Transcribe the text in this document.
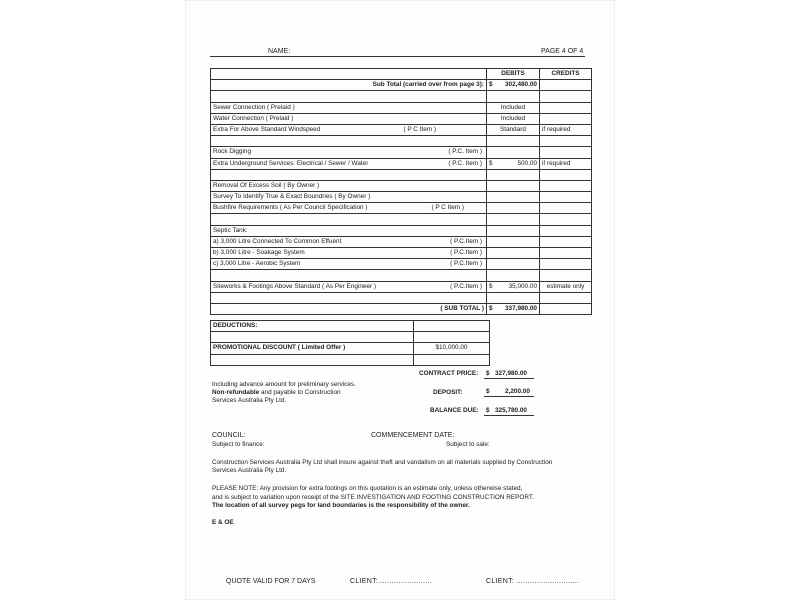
NAME:	PAGE 4 OF 4
	DEBITS	CREDITS
Sub Total (carried over from page 3):	$ 302,480.00	

Sewer Connection ( Prelaid )	Included	
Water Connection ( Prelaid )	Included	
Extra For Above Standard Windspeed ( P C Item )	Standard	if required

Rock Digging ( P.C. Item )		

Extra Underground Services: Electrical / Sewer / Water ( P.C. Item )	$ 500.00	if required

Removal Of Excess Soil ( By Owner )		
Survey To Identify True & Exact Boundries ( By Owner )		
Bushfire Requirements ( As Per Council Specification ) ( P C Item )		

Septic Tank:		
a) 3,000 Litre Connected To Common Effuent ( P.C.Item )		

b) 3,000 Litre - Soakage System ( P.C.Item )		

c) 3,000 Litre - Aerobic System ( P.C.Item )		

Siteworks & Footings Above Standard ( As Per Engineer ) ( P.C.Item )	$ 35,000.00	estimate only

( SUB TOTAL )	$ 337,980.00	

DEDUCTIONS:	

PROMOTIONAL DISCOUNT ( Limited Offer )	$10,000.00

CONTRACT PRICE: $ 327,980.00
DEPOSIT:	$ 2,200.00
BALANCE DUE: $ 325,780.00
Including advance amount for preliminary services.
Non-refundable and payable to Construction
Services Australia Pty Ltd.
COUNCIL:
Subject to finance:
COMMENCEMENT DATE:
Subject to sale:
Construction Services Australia Pty Ltd shall insure against theft and vandalism on all materials supplied by Construction
Services Australia Pty Ltd.
PLEASE NOTE: Any provision for extra footings on this quotation is an estimate only, unless otherwise stated,
and is subject to variation upon receipt of the SITE INVESTIGATION AND FOOTING CONSTRUCTION REPORT.
The location of all survey pegs for land boundaries is the responsibility of the owner.
E & OE
QUOTE VALID FOR 7 DAYS	CLIENT:........................	CLIENT: ............................
